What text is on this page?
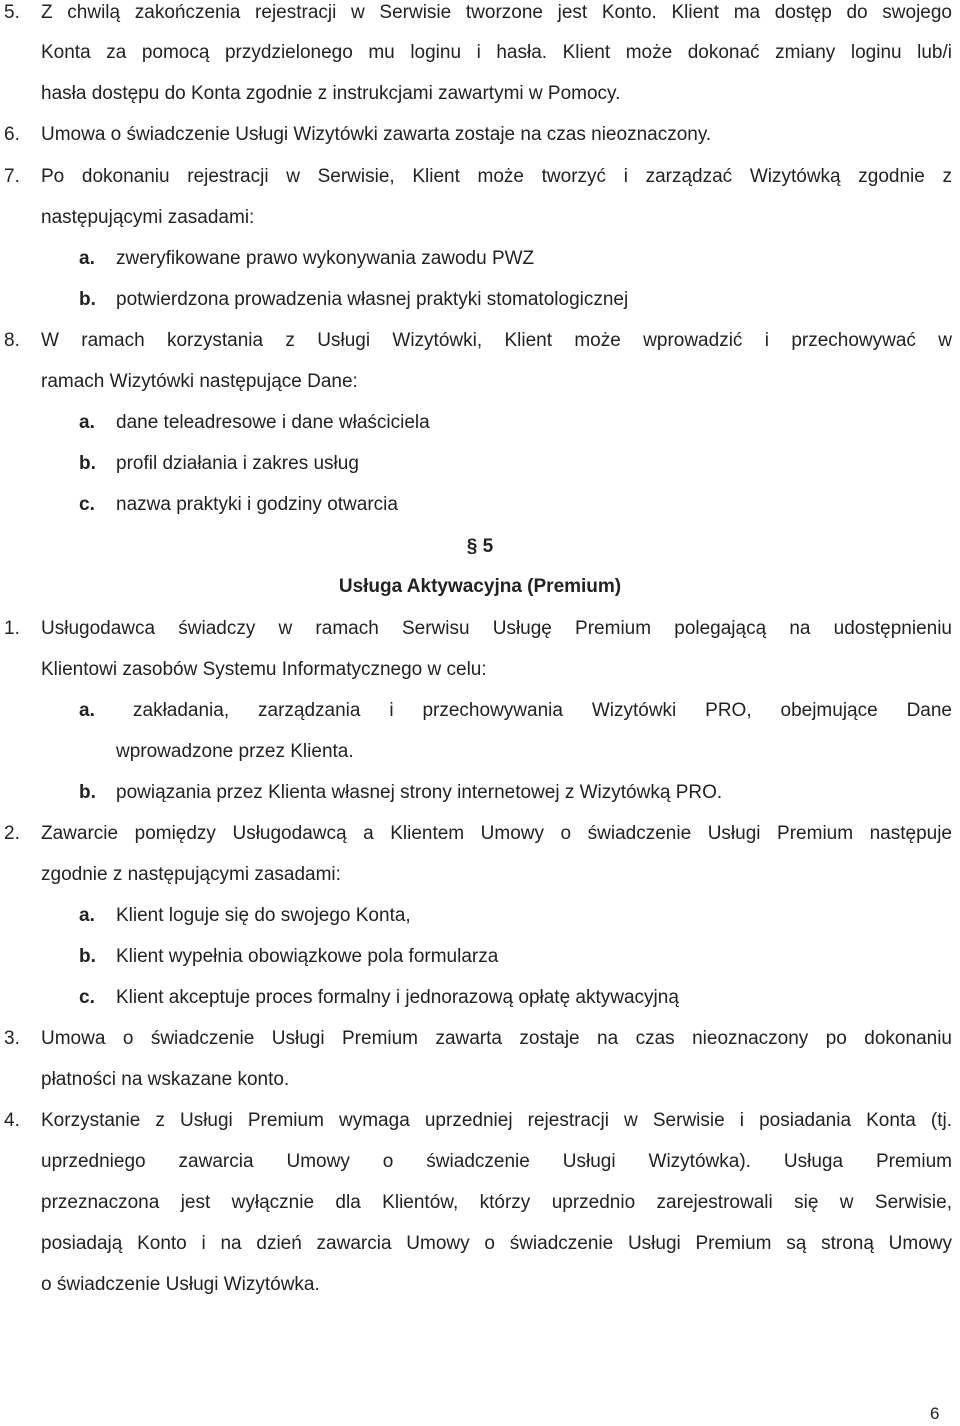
5. Z chwilą zakończenia rejestracji w Serwisie tworzone jest Konto. Klient ma dostęp do swojego
Konta za pomocą przydzielonego mu loginu i hasła. Klient może dokonać zmiany loginu lub/i
hasła dostępu do Konta zgodnie z instrukcjami zawartymi w Pomocy.
6. Umowa o świadczenie Usługi Wizytówki zawarta zostaje na czas nieoznaczony.
7. Po dokonaniu rejestracji w Serwisie, Klient może tworzyć i zarządzać Wizytówką zgodnie z
następującymi zasadami:
a. zweryfikowane prawo wykonywania zawodu PWZ
b. potwierdzona prowadzenia własnej praktyki stomatologicznej
8. W ramach korzystania z Usługi Wizytówki, Klient może wprowadzić i przechowywać w
ramach Wizytówki następujące Dane:
a. dane teleadresowe i dane właściciela
b. profil działania i zakres usług
c. nazwa praktyki i godziny otwarcia
§ 5
Usługa Aktywacyjna (Premium)
1. Usługodawca świadczy w ramach Serwisu Usługę Premium polegającą na udostępnieniu
Klientowi zasobów Systemu Informatycznego w celu:
a. zakładania, zarządzania i przechowywania Wizytówki PRO, obejmujące Dane
wprowadzone przez Klienta.
b. powiązania przez Klienta własnej strony internetowej z Wizytówką PRO.
2. Zawarcie pomiędzy Usługodawcą a Klientem Umowy o świadczenie Usługi Premium następuje
zgodnie z następującymi zasadami:
a. Klient loguje się do swojego Konta,
b. Klient wypełnia obowiązkowe pola formularza
c. Klient akceptuje proces formalny i jednorazową opłatę aktywacyjną
3. Umowa o świadczenie Usługi Premium zawarta zostaje na czas nieoznaczony po dokonaniu
płatności na wskazane konto.
4. Korzystanie z Usługi Premium wymaga uprzedniej rejestracji w Serwisie i posiadania Konta (tj.
uprzedniego zawarcia Umowy o świadczenie Usługi Wizytówka). Usługa Premium
przeznaczona jest wyłącznie dla Klientów, którzy uprzednio zarejestrowali się w Serwisie,
posiadają Konto i na dzień zawarcia Umowy o świadczenie Usługi Premium są stroną Umowy
o świadczenie Usługi Wizytówka.
6
